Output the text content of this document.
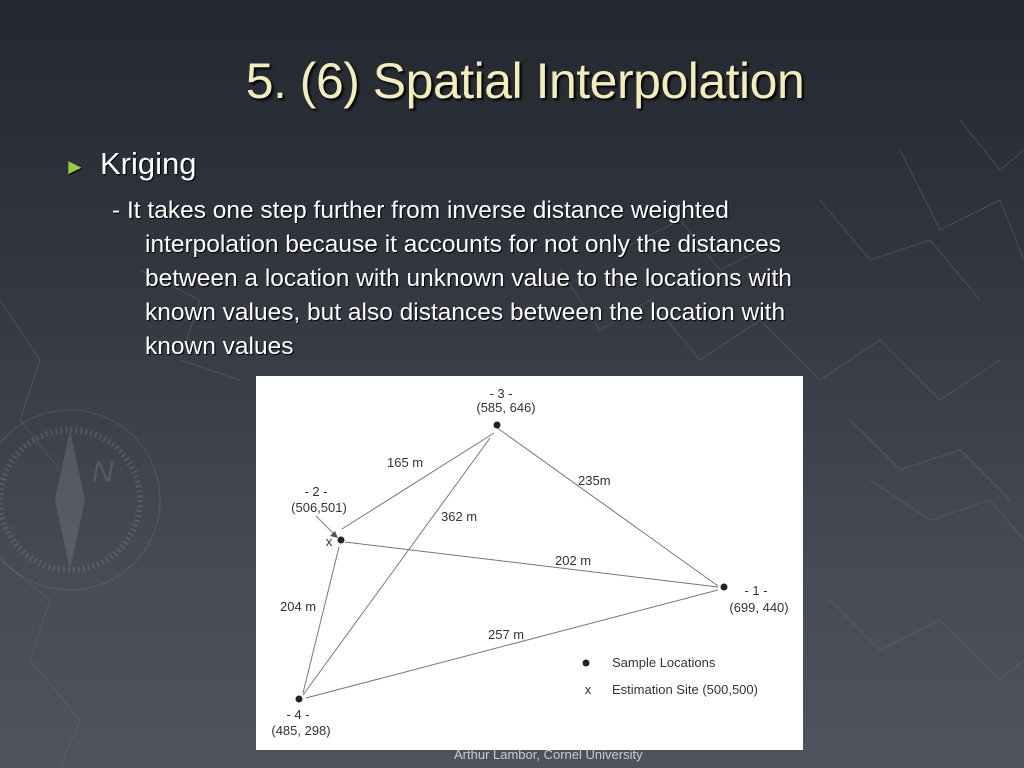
N
5. (6) Spatial Interpolation
► Kriging
- It takes one step further from inverse distance weighted
interpolation because it accounts for not only the distances
between a location with unknown value to the locations with
known values, but also distances between the location with
known values
- 3 -
(585, 646)
- 2 -
(506,501)
- 1 -
(699, 440)
- 4 -
(485, 298)
x
165 m
235m
362 m
202 m
204 m
257 m
Sample Locations
x Estimation Site (500,500)
Arthur Lambor, Cornel University
